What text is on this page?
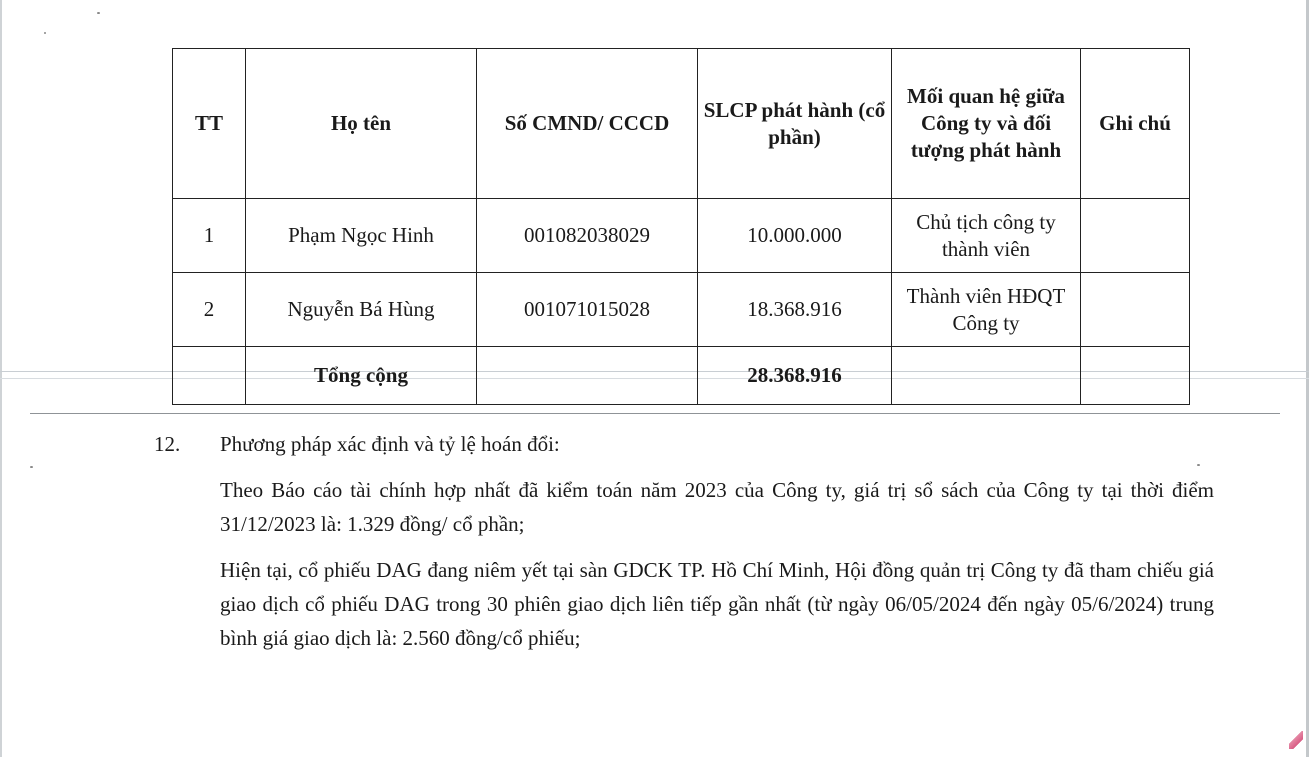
TT	Họ tên	Số CMND/ CCCD	SLCP phát hành (cổ phần)	Mối quan hệ giữa Công ty và đối tượng phát hành	Ghi chú
1	Phạm Ngọc Hinh	001082038029	10.000.000	Chủ tịch công ty thành viên	
2	Nguyễn Bá Hùng	001071015028	18.368.916	Thành viên HĐQT Công ty	
	Tổng cộng		28.368.916		
12.	Phương pháp xác định và tỷ lệ hoán đổi:

Theo Báo cáo tài chính hợp nhất đã kiểm toán năm 2023 của Công ty, giá trị sổ sách của Công ty tại thời điểm 31/12/2023 là: 1.329 đồng/ cổ phần;

Hiện tại, cổ phiếu DAG đang niêm yết tại sàn GDCK TP. Hồ Chí Minh, Hội đồng quản trị Công ty đã tham chiếu giá giao dịch cổ phiếu DAG trong 30 phiên giao dịch liên tiếp gần nhất (từ ngày 06/05/2024 đến ngày 05/6/2024) trung bình giá giao dịch là: 2.560 đồng/cổ phiếu;
